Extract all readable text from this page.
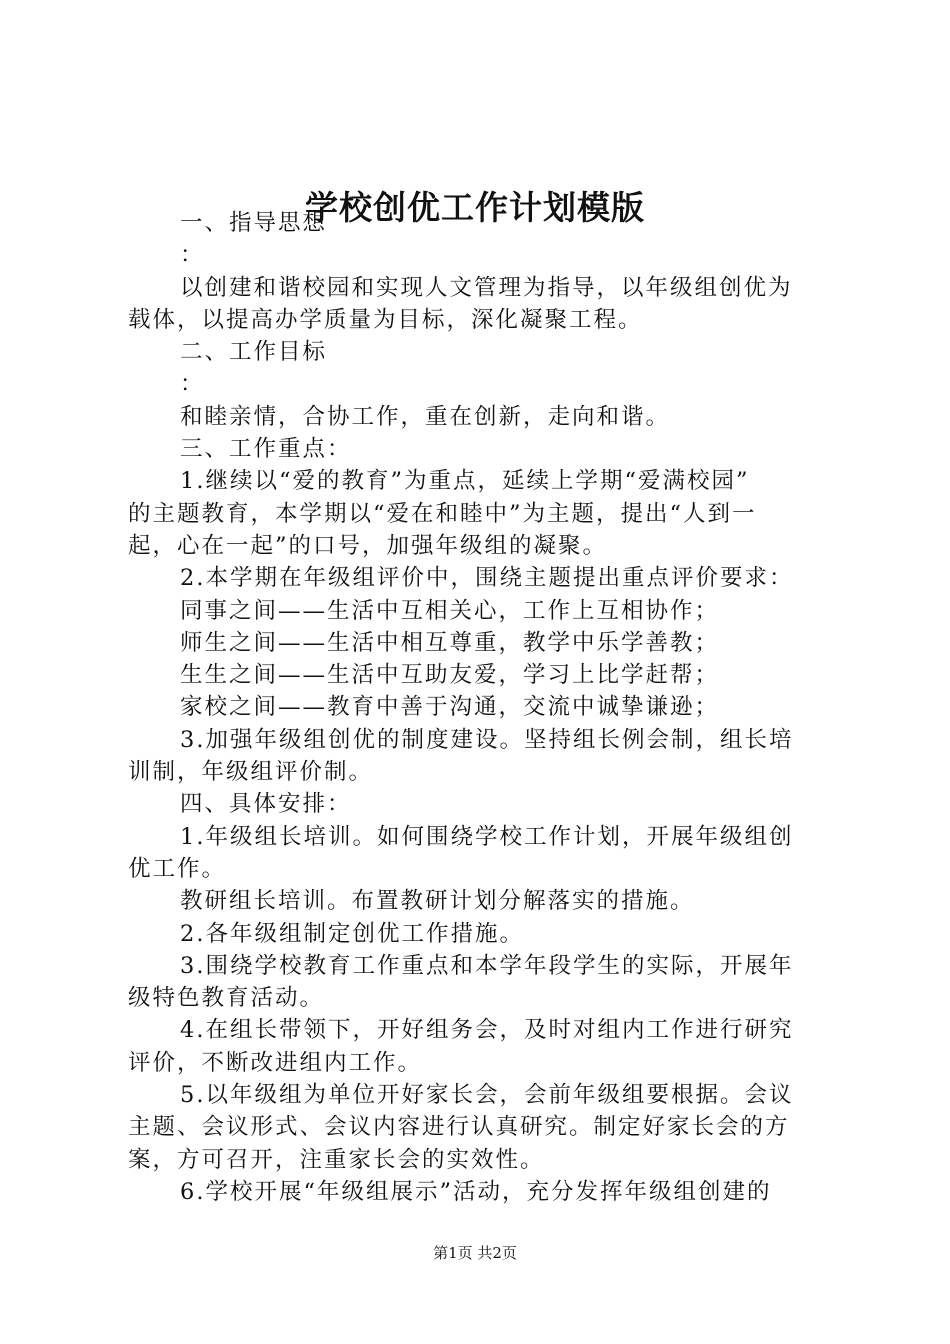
学校创优工作计划模版
一、指导思想
：
以创建和谐校园和实现人文管理为指导，以年级组创优为
载体，以提高办学质量为目标，深化凝聚工程。
二、工作目标
：
和睦亲情，合协工作，重在创新，走向和谐。
三、工作重点：
1.继续以“爱的教育”为重点，延续上学期“爱满校园”
的主题教育，本学期以“爱在和睦中”为主题，提出“人到一
起，心在一起”的口号，加强年级组的凝聚。
2.本学期在年级组评价中，围绕主题提出重点评价要求：
同事之间——生活中互相关心，工作上互相协作；
师生之间——生活中相互尊重，教学中乐学善教；
生生之间——生活中互助友爱，学习上比学赶帮；
家校之间——教育中善于沟通，交流中诚挚谦逊；
3.加强年级组创优的制度建设。坚持组长例会制，组长培
训制，年级组评价制。
四、具体安排：
1.年级组长培训。如何围绕学校工作计划，开展年级组创
优工作。
教研组长培训。布置教研计划分解落实的措施。
2.各年级组制定创优工作措施。
3.围绕学校教育工作重点和本学年段学生的实际，开展年
级特色教育活动。
4.在组长带领下，开好组务会，及时对组内工作进行研究
评价，不断改进组内工作。
5.以年级组为单位开好家长会，会前年级组要根据。会议
主题、会议形式、会议内容进行认真研究。制定好家长会的方
案，方可召开，注重家长会的实效性。
6.学校开展“年级组展示”活动，充分发挥年级组创建的
第1页 共2页
